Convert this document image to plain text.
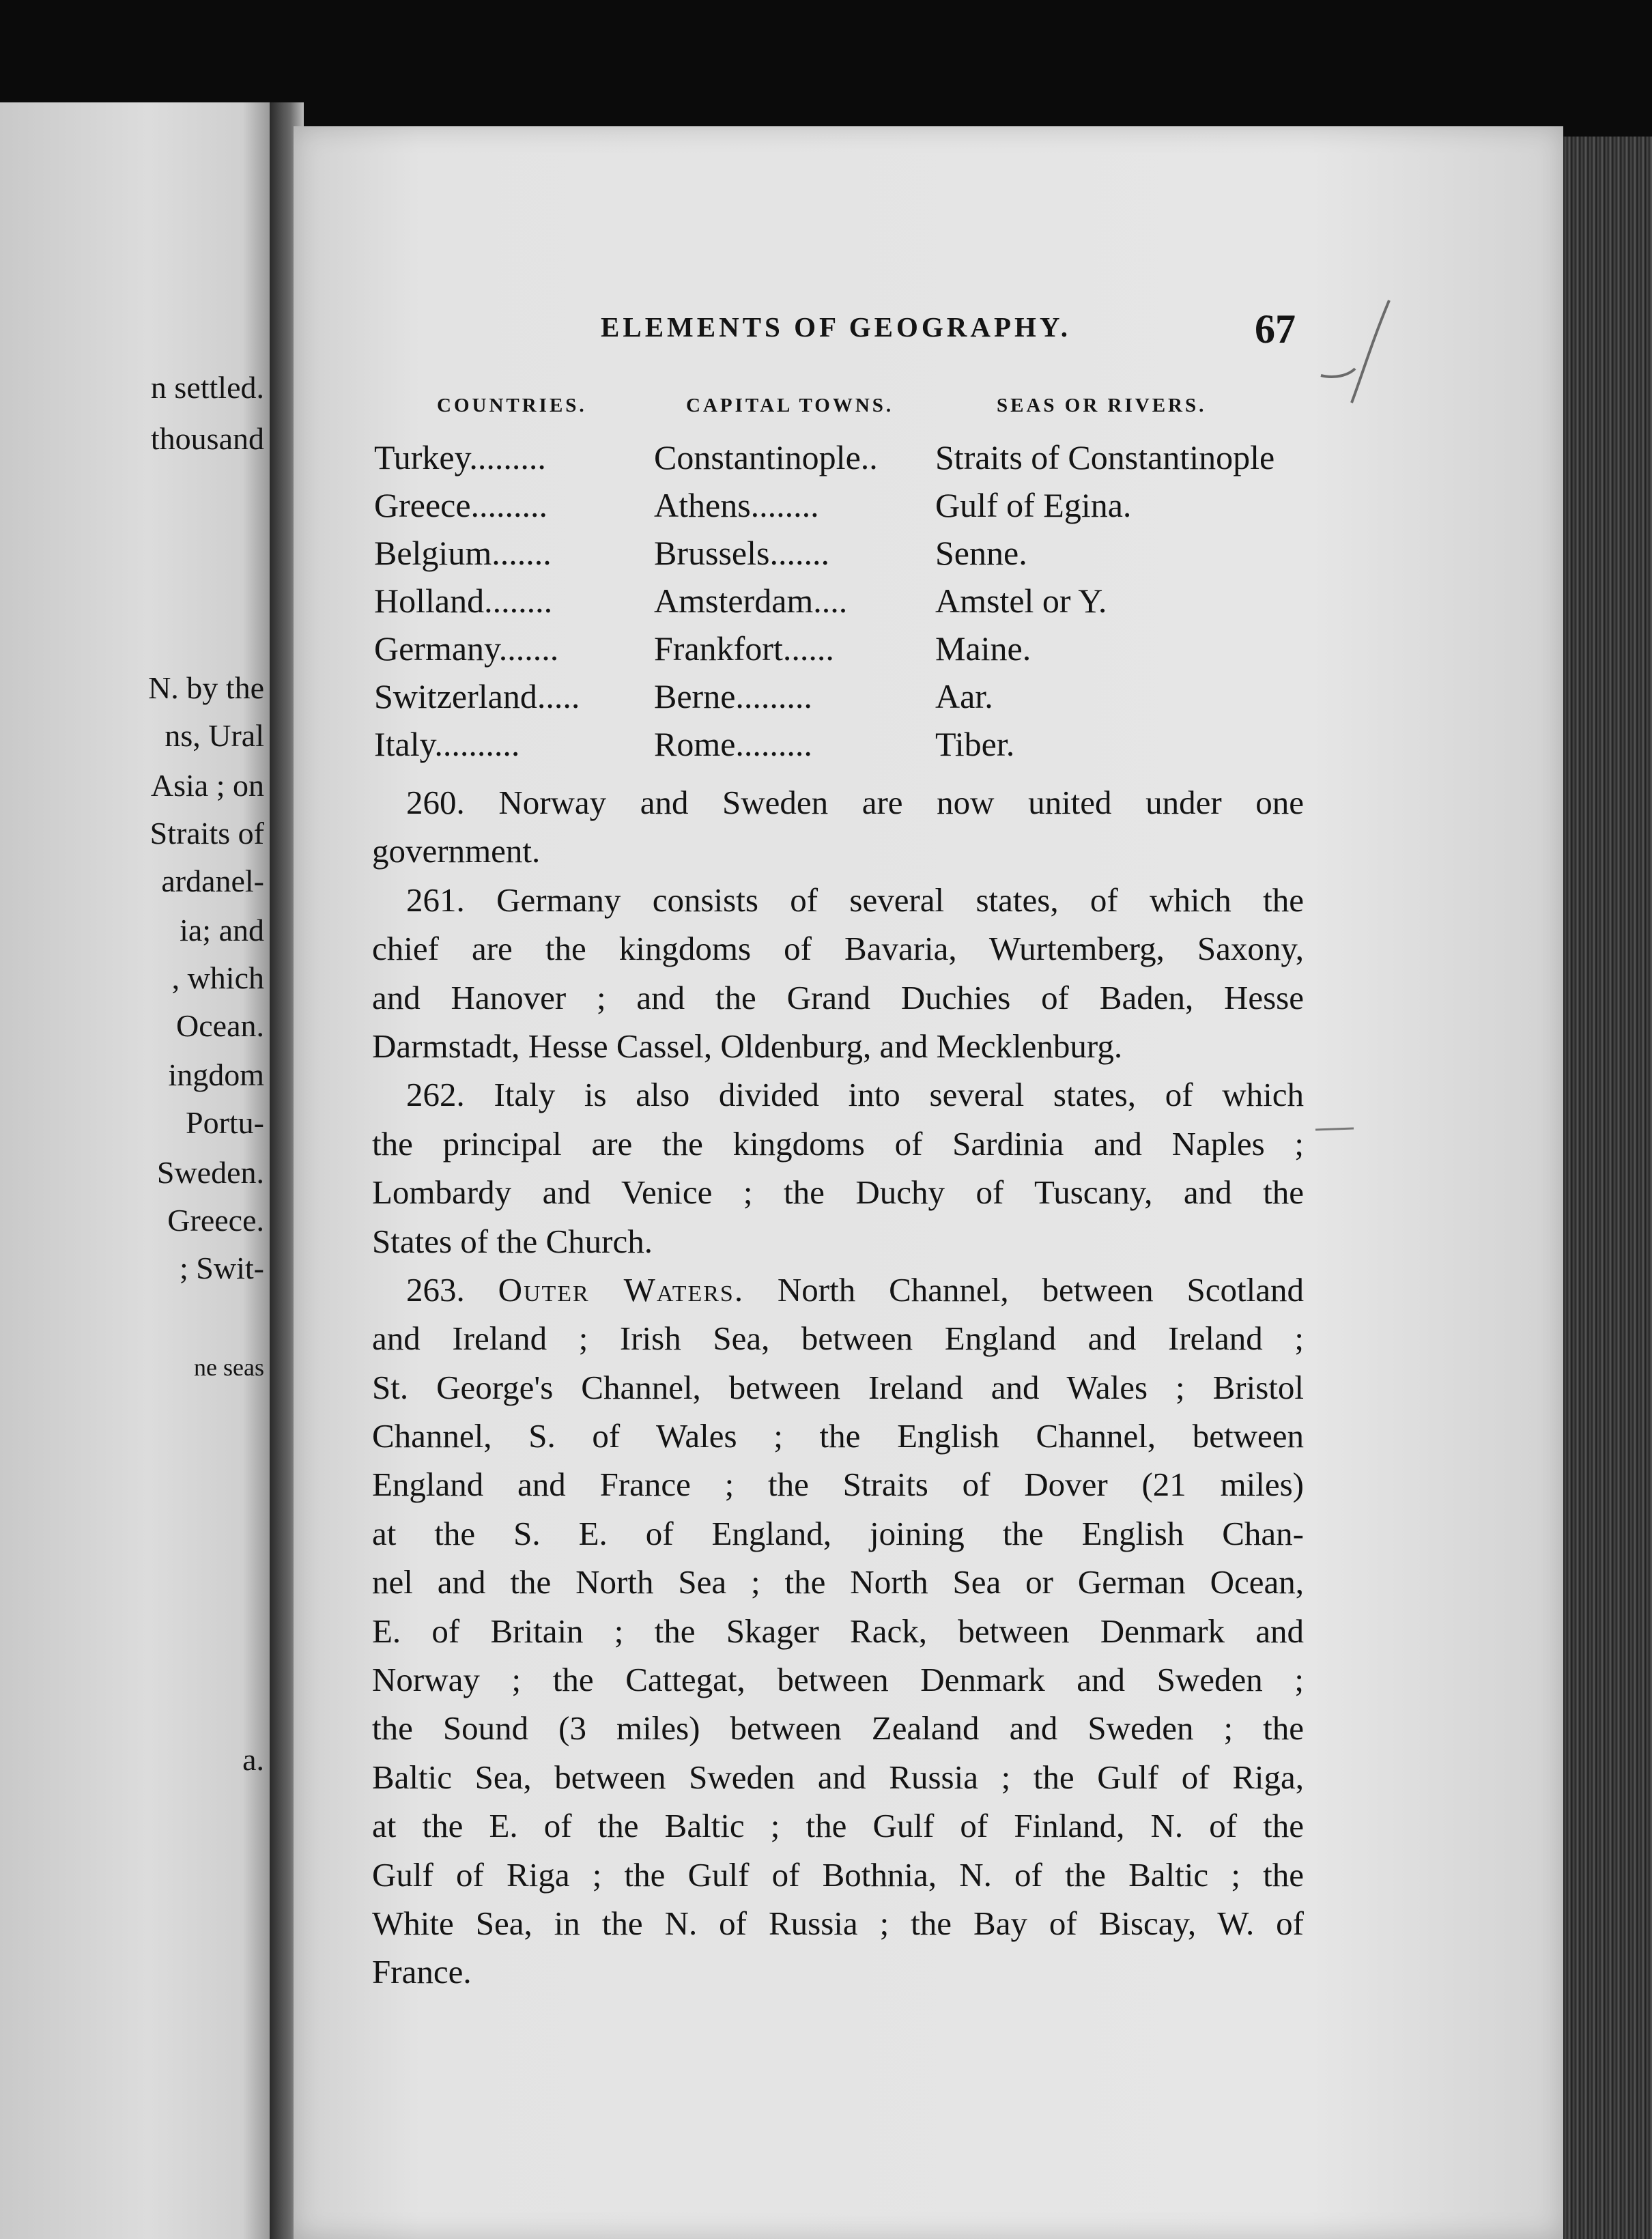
n settled.
thousand
N. by the
ns, Ural
Asia ; on
Straits of
ardanel-
ia; and
, which
Ocean.
ingdom
Portu-
Sweden.
Greece.
; Swit-
ne seas
a.
ELEMENTS OF GEOGRAPHY.	67
COUNTRIES.	CAPITAL TOWNS.	SEAS OR RIVERS.
Turkey.........	Constantinople.. Straits of Constantinople
Greece.........	Athens........	Gulf of Egina.
Belgium.......	Brussels.......	Senne.
Holland........	Amsterdam....	Amstel or Y.
Germany.......	Frankfort......	Maine.
Switzerland..... Berne.........	Aar.
Italy..........	Rome.........	Tiber.
260. Norway and Sweden are now united under one
government.
261. Germany consists of several states, of which the
chief are the kingdoms of Bavaria, Wurtemberg, Saxony,
and Hanover ; and the Grand Duchies of Baden, Hesse
Darmstadt, Hesse Cassel, Oldenburg, and Mecklenburg.
262. Italy is also divided into several states, of which
the principal are the kingdoms of Sardinia and Naples ;
Lombardy and Venice ; the Duchy of Tuscany, and the
States of the Church.
263. Outer Waters. North Channel, between Scotland
and Ireland ; Irish Sea, between England and Ireland ;
St. George's Channel, between Ireland and Wales ; Bristol
Channel, S. of Wales ; the English Channel, between
England and France ; the Straits of Dover (21 miles)
at the S. E. of England, joining the English Chan-
nel and the North Sea ; the North Sea or German Ocean,
E. of Britain ; the Skager Rack, between Denmark and
Norway ; the Cattegat, between Denmark and Sweden ;
the Sound (3 miles) between Zealand and Sweden ; the
Baltic Sea, between Sweden and Russia ; the Gulf of Riga,
at the E. of the Baltic ; the Gulf of Finland, N. of the
Gulf of Riga ; the Gulf of Bothnia, N. of the Baltic ; the
White Sea, in the N. of Russia ; the Bay of Biscay, W. of
France.
